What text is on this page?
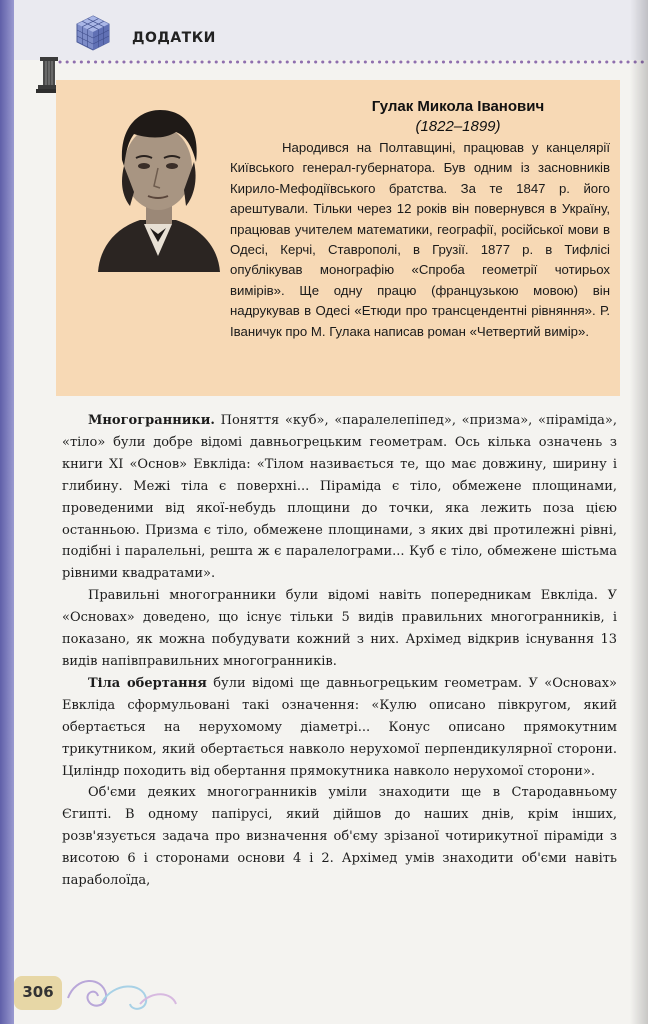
ДОДАТКИ
Гулак Микола Іванович
(1822–1899)
Народився на Полтавщині, працював у канцелярії Київського генерал-губернатора. Був одним із засновників Кирило-Мефодіївського братства. За те 1847 р. його арештували. Тільки через 12 років він повернувся в Україну, працював учителем математики, географії, російської мови в Одесі, Керчі, Ставрополі, в Грузії. 1877 р. в Тифлісі опублікував монографію «Спроба геометрії чотирьох вимірів». Ще одну працю (французькою мовою) він надрукував в Одесі «Етюди про трансцендентні рівняння». Р. Іваничук про М. Гулака написав роман «Четвертий вимір».

Многогранники. Поняття «куб», «паралелепіпед», «призма», «піраміда», «тіло» були добре відомі давньогрецьким геометрам. Ось кілька означень з книги XI «Основ» Евкліда: «Тілом називається те, що має довжину, ширину і глибину. Межі тіла є поверхні... Піраміда є тіло, обмежене площинами, проведеними від якої-небудь площини до точки, яка лежить поза цією останньою. Призма є тіло, обмежене площинами, з яких дві протилежні рівні, подібні і паралельні, решта ж є паралелограми... Куб є тіло, обмежене шістьма рівними квадратами».

Правильні многогранники були відомі навіть попередникам Евкліда. У «Основах» доведено, що існує тільки 5 видів правильних многогранників, і показано, як можна побудувати кожний з них. Архімед відкрив існування 13 видів напівправильних многогранників.

Тіла обертання були відомі ще давньогрецьким геометрам. У «Основах» Евкліда сформульовані такі означення: «Кулю описано півкругом, який обертається на нерухомому діаметрі... Конус описано прямокутним трикутником, який обертається навколо нерухомої перпендикулярної сторони. Циліндр походить від обертання прямокутника навколо нерухомої сторони».

Об'єми деяких многогранників уміли знаходити ще в Стародавньому Єгипті. В одному папірусі, який дійшов до наших днів, крім інших, розв'язується задача про визначення об'єму зрізаної чотирикутної піраміди з висотою 6 і сторонами основи 4 і 2. Архімед умів знаходити об'єми навіть параболоїда,

306
